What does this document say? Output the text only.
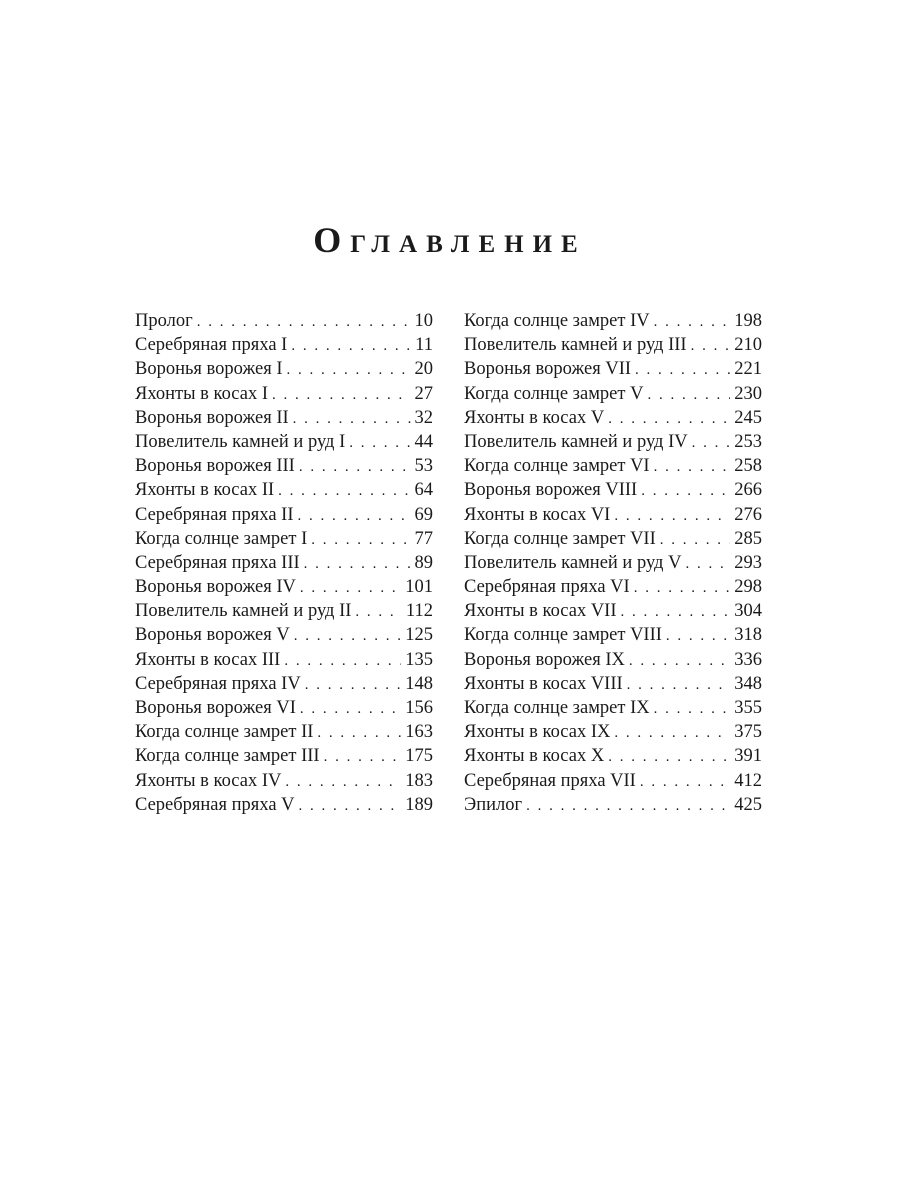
Оглавление
Пролог . . .	10
Серебряная пряха I . . .	11
Воронья ворожея I . . .	20
Яхонты в косах I . . .	27
Воронья ворожея II . . .	32
Повелитель камней и руд I . . .	44
Воронья ворожея III . . .	53
Яхонты в косах II . . .	64
Серебряная пряха II . . .	69
Когда солнце замрет I . . .	77
Серебряная пряха III . . .	89
Воронья ворожея IV . . .	101
Повелитель камней и руд II . . .	112
Воронья ворожея V . . .	125
Яхонты в косах III . . .	135
Серебряная пряха IV . . .	148
Воронья ворожея VI . . .	156
Когда солнце замрет II . . .	163
Когда солнце замрет III . . .	175
Яхонты в косах IV . . .	183
Серебряная пряха V . . .	189
Когда солнце замрет IV . . .	198
Повелитель камней и руд III . . .	210
Воронья ворожея VII . . .	221
Когда солнце замрет V . . .	230
Яхонты в косах V . . .	245
Повелитель камней и руд IV . . .	253
Когда солнце замрет VI . . .	258
Воронья ворожея VIII . . .	266
Яхонты в косах VI . . .	276
Когда солнце замрет VII . . .	285
Повелитель камней и руд V . . .	293
Серебряная пряха VI . . .	298
Яхонты в косах VII . . .	304
Когда солнце замрет VIII . . .	318
Воронья ворожея IX . . .	336
Яхонты в косах VIII . . .	348
Когда солнце замрет IX . . .	355
Яхонты в косах IX . . .	375
Яхонты в косах X . . .	391
Серебряная пряха VII . . .	412
Эпилог . . .	425
